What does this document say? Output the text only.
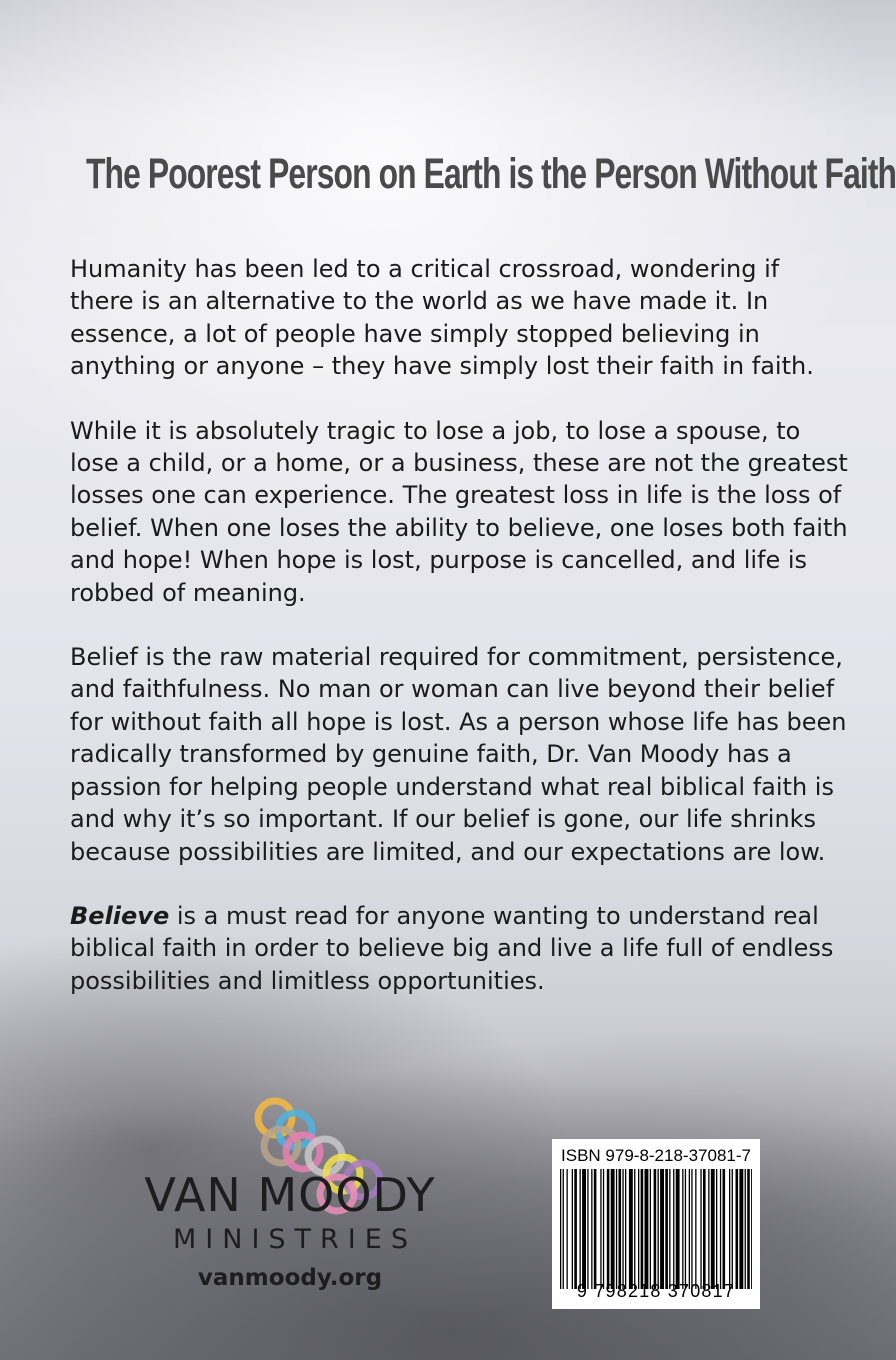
The Poorest Person on Earth is the Person Without Faith

Humanity has been led to a critical crossroad, wondering if there is an alternative to the world as we have made it. In essence, a lot of people have simply stopped believing in anything or anyone – they have simply lost their faith in faith.

While it is absolutely tragic to lose a job, to lose a spouse, to lose a child, or a home, or a business, these are not the greatest losses one can experience. The greatest loss in life is the loss of belief. When one loses the ability to believe, one loses both faith and hope! When hope is lost, purpose is cancelled, and life is robbed of meaning.

Belief is the raw material required for commitment, persistence, and faithfulness. No man or woman can live beyond their belief for without faith all hope is lost. As a person whose life has been radically transformed by genuine faith, Dr. Van Moody has a passion for helping people understand what real biblical faith is and why it’s so important. If our belief is gone, our life shrinks because possibilities are limited, and our expectations are low.

Believe is a must read for anyone wanting to understand real biblical faith in order to believe big and live a life full of endless possibilities and limitless opportunities.

VAN MOODY
MINISTRIES
vanmoody.org
ISBN 979-8-218-37081-7
9 798218 370817
